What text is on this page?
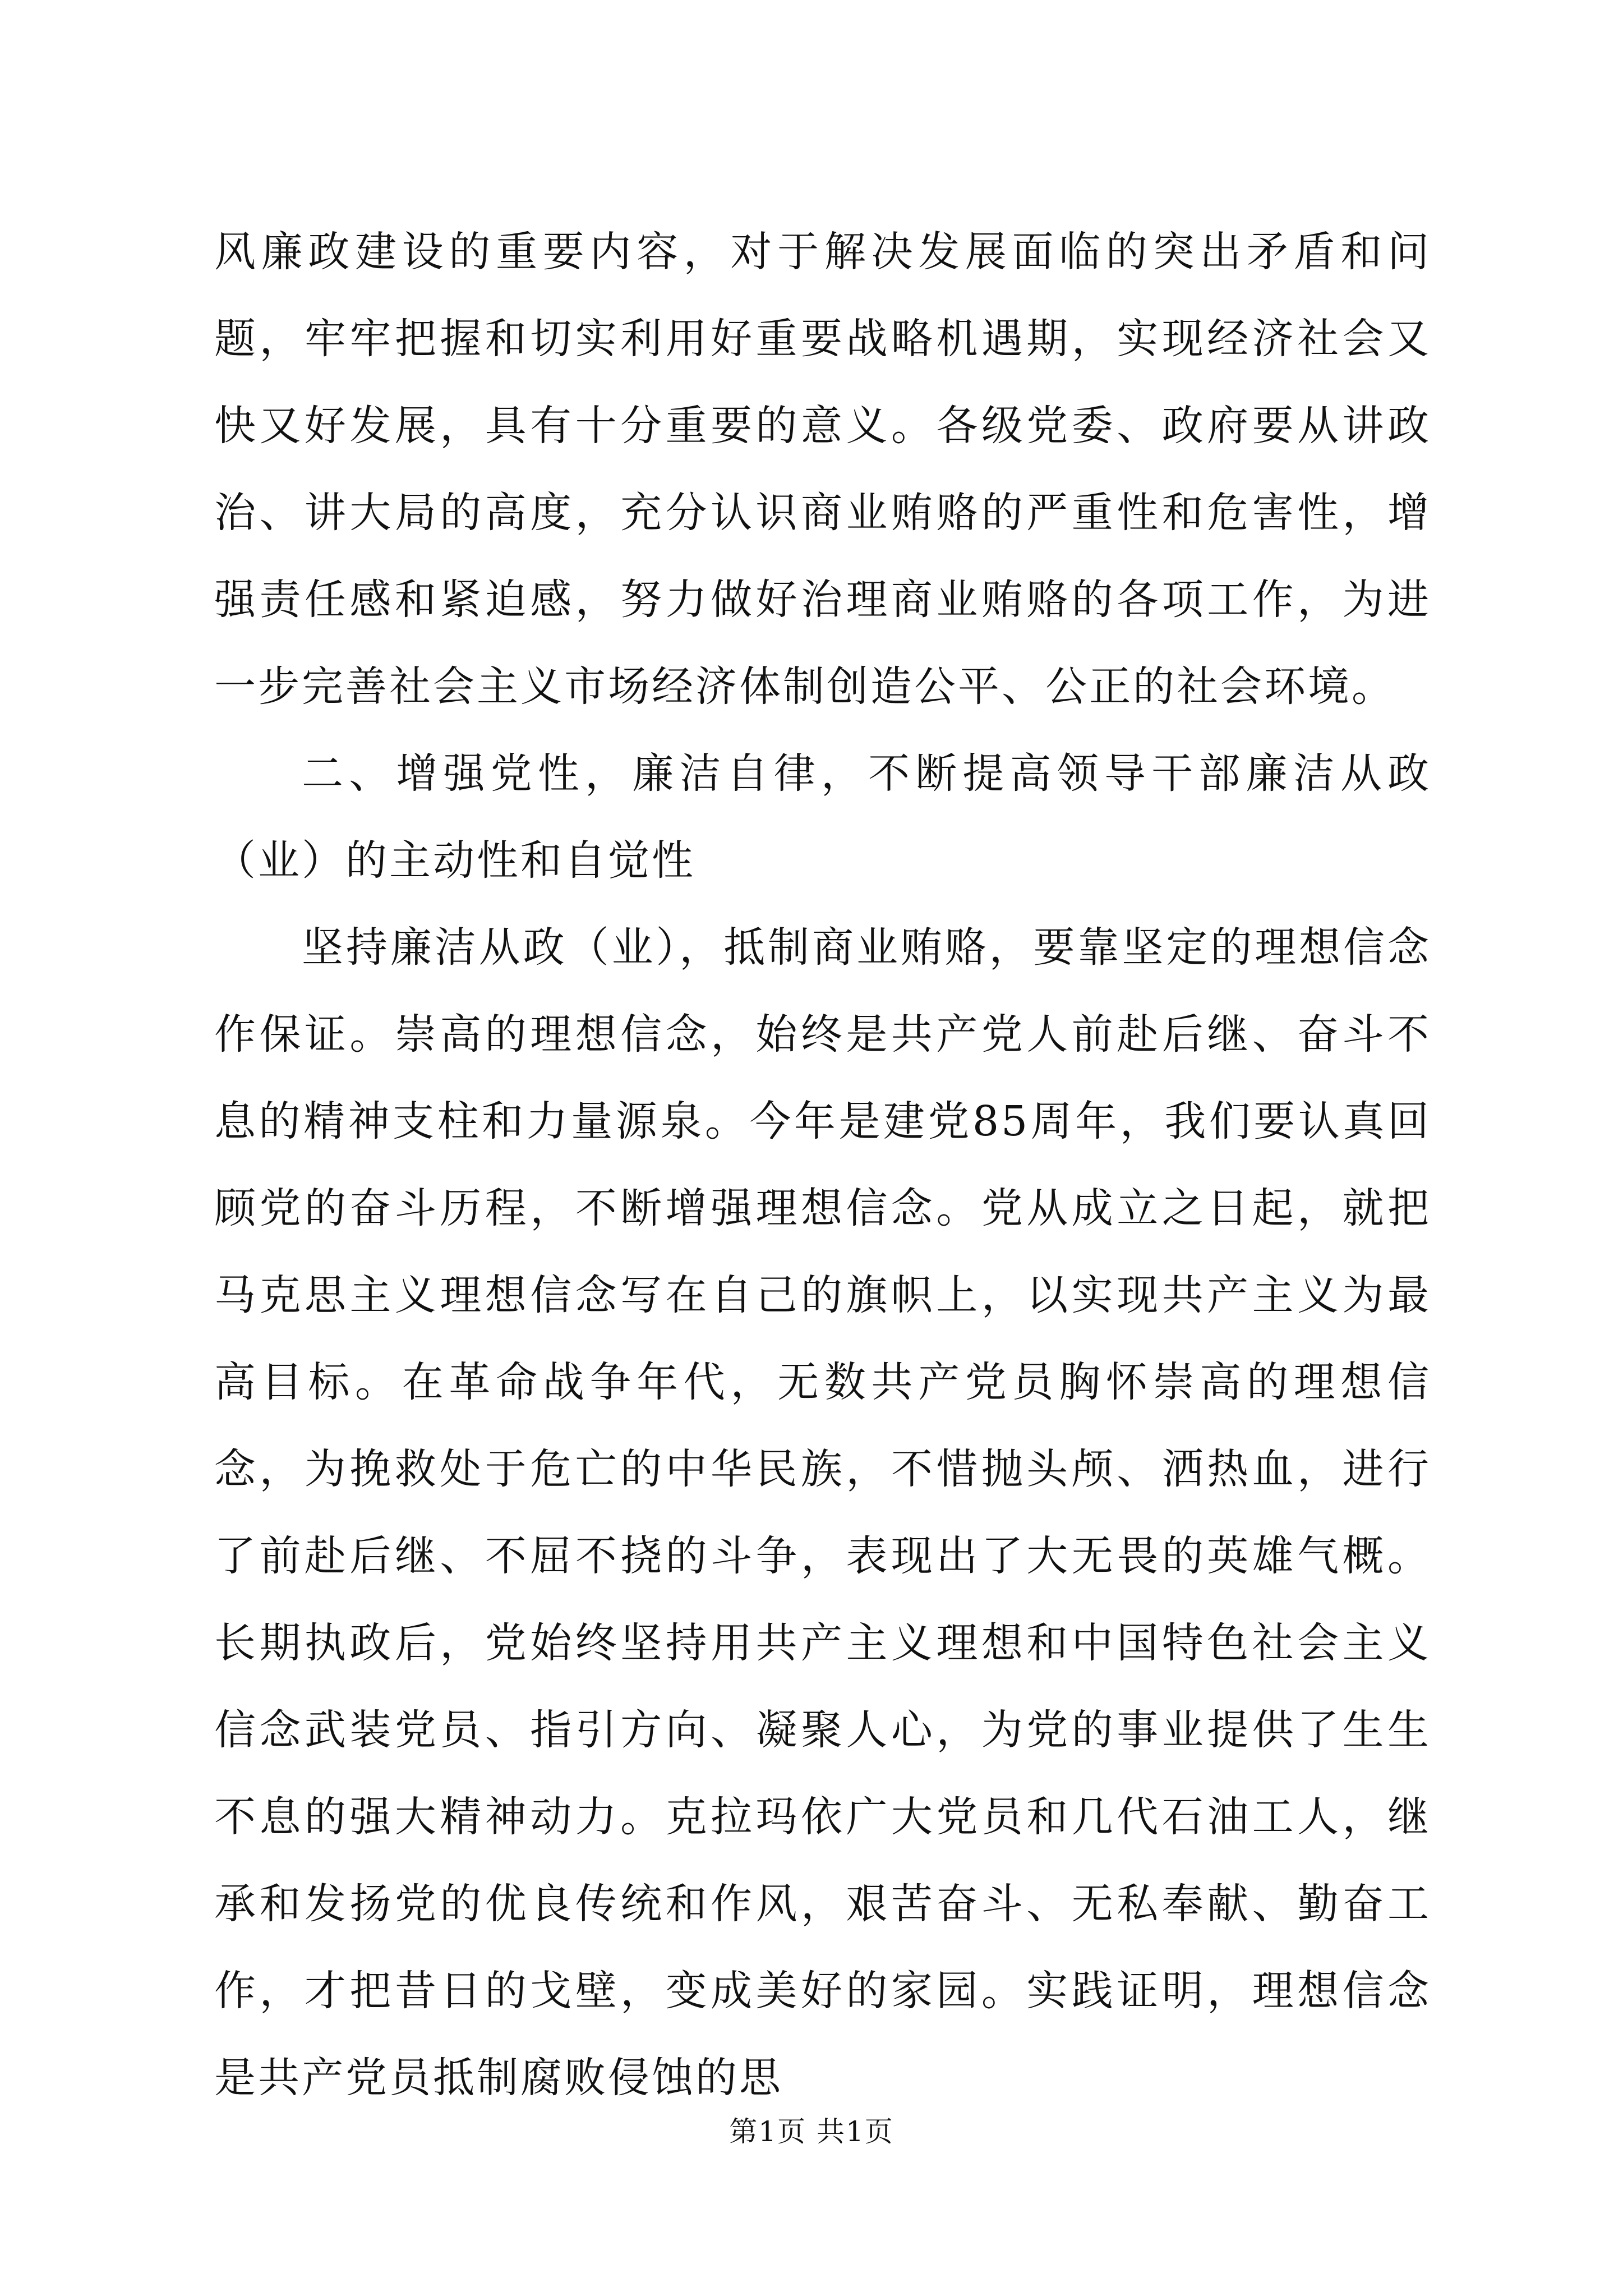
风廉政建设的重要内容，对于解决发展面临的突出矛盾和问题，牢牢把握和切实利用好重要战略机遇期，实现经济社会又快又好发展，具有十分重要的意义。各级党委、政府要从讲政治、讲大局的高度，充分认识商业贿赂的严重性和危害性，增强责任感和紧迫感，努力做好治理商业贿赂的各项工作，为进一步完善社会主义市场经济体制创造公平、公正的社会环境。

二、增强党性，廉洁自律，不断提高领导干部廉洁从政（业）的主动性和自觉性

坚持廉洁从政（业），抵制商业贿赂，要靠坚定的理想信念作保证。崇高的理想信念，始终是共产党人前赴后继、奋斗不息的精神支柱和力量源泉。今年是建党85周年，我们要认真回顾党的奋斗历程，不断增强理想信念。党从成立之日起，就把马克思主义理想信念写在自己的旗帜上，以实现共产主义为最高目标。在革命战争年代，无数共产党员胸怀崇高的理想信念，为挽救处于危亡的中华民族，不惜抛头颅、洒热血，进行了前赴后继、不屈不挠的斗争，表现出了大无畏的英雄气概。长期执政后，党始终坚持用共产主义理想和中国特色社会主义信念武装党员、指引方向、凝聚人心，为党的事业提供了生生不息的强大精神动力。克拉玛依广大党员和几代石油工人，继承和发扬党的优良传统和作风，艰苦奋斗、无私奉献、勤奋工作，才把昔日的戈壁，变成美好的家园。实践证明，理想信念是共产党员抵制腐败侵蚀的思

第1页 共1页
